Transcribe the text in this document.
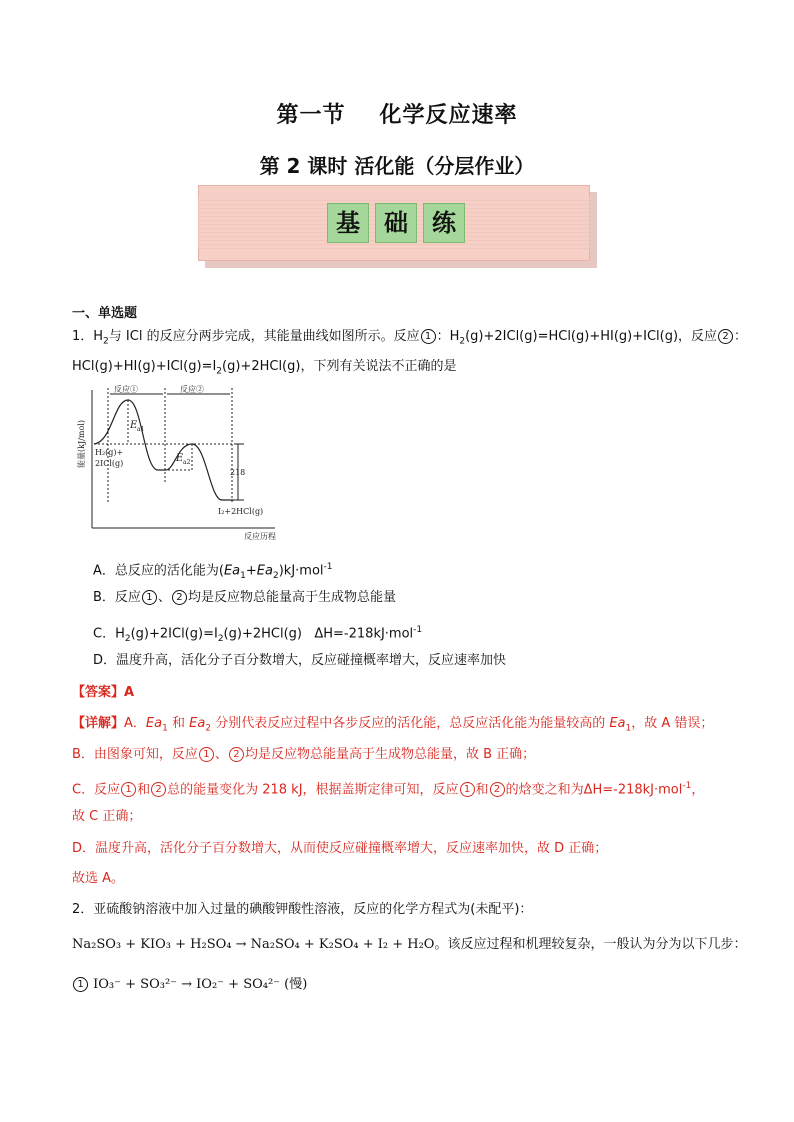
第一节 化学反应速率
第 2 课时 活化能（分层作业）
基	础	练
一、单选题
1．$H_2$与 ICl 的反应分两步完成，其能量曲线如图所示。反应 1 ：$H_2(g)+2ICl(g)=HCl(g)+HI(g)+ICl(g)$，反应 2 ：
$HCl(g)+HI(g)+ICl(g)=I_2(g)+2HCl(g)$，下列有关说法不正确的是
反应①	反应②
E a1
E a2
H₂(g)+
2ICl(g)
218
I₂+2HCl(g)
反应历程
能量(kJ/mol)
A．总反应的活化能为$(Ea_1+Ea_2)kJ\cdot mol^{-1}$
B．反应 1 、 2 均是反应物总能量高于生成物总能量
C．$H_2(g)+2ICl(g)=I_2(g)+2HCl(g)$ ΔH=-218kJ·mol$^{-1}$
D．温度升高，活化分子百分数增大，反应碰撞概率增大，反应速率加快
【答案】A
【详解】A．$Ea_1$ 和 $Ea_2$ 分别代表反应过程中各步反应的活化能，总反应活化能为能量较高的 $Ea_1$，故 A 错误；
B．由图象可知，反应 1 、 2 均是反应物总能量高于生成物总能量，故 B 正确；
C．反应 1 和 2 总的能量变化为 218 kJ，根据盖斯定律可知，反应 1 和 2 的焓变之和为ΔH=-218kJ·mol$^{-1}$，
故 C 正确；
D．温度升高，活化分子百分数增大，从而使反应碰撞概率增大，反应速率加快，故 D 正确；
故选 A。
2．亚硫酸钠溶液中加入过量的碘酸钾酸性溶液，反应的化学方程式为(未配平)：
Na₂SO₃ + KIO₃ + H₂SO₄ → Na₂SO₄ + K₂SO₄ + I₂ + H₂O。该反应过程和机理较复杂，一般认为分为以下几步：
1 IO₃⁻ + SO₃²⁻ → IO₂⁻ + SO₄²⁻ (慢)
